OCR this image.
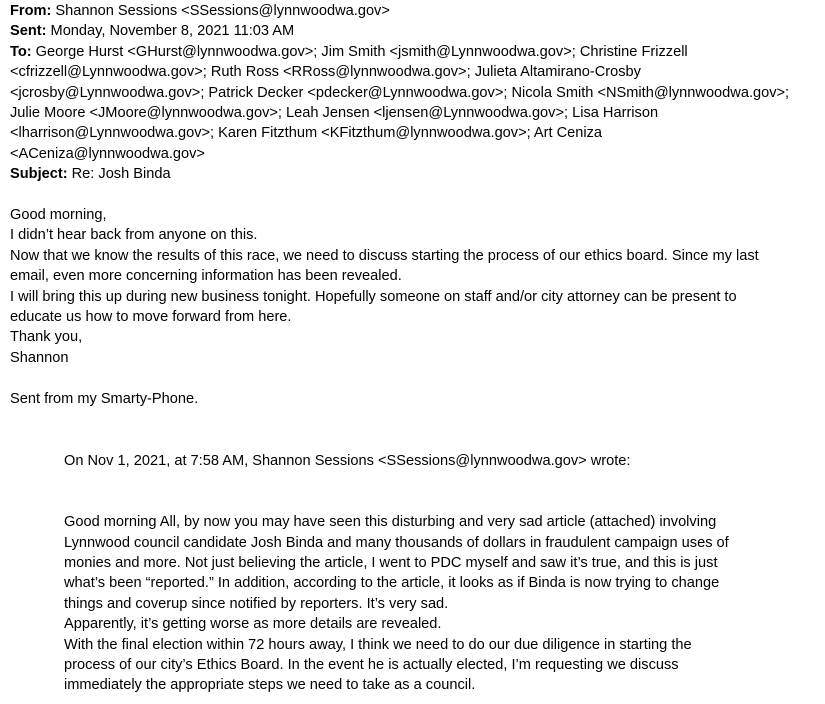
From: Shannon Sessions <SSessions@lynnwoodwa.gov>
Sent: Monday, November 8, 2021 11:03 AM
To: George Hurst <GHurst@lynnwoodwa.gov>; Jim Smith <jsmith@Lynnwoodwa.gov>; Christine Frizzell
<cfrizzell@Lynnwoodwa.gov>; Ruth Ross <RRoss@lynnwoodwa.gov>; Julieta Altamirano-Crosby
<jcrosby@Lynnwoodwa.gov>; Patrick Decker <pdecker@Lynnwoodwa.gov>; Nicola Smith <NSmith@lynnwoodwa.gov>;
Julie Moore <JMoore@lynnwoodwa.gov>; Leah Jensen <ljensen@Lynnwoodwa.gov>; Lisa Harrison
<lharrison@Lynnwoodwa.gov>; Karen Fitzthum <KFitzthum@lynnwoodwa.gov>; Art Ceniza
<ACeniza@lynnwoodwa.gov>
Subject: Re: Josh Binda
Good morning,
I didn’t hear back from anyone on this.
Now that we know the results of this race, we need to discuss starting the process of our ethics board. Since my last
email, even more concerning information has been revealed.
I will bring this up during new business tonight. Hopefully someone on staff and/or city attorney can be present to
educate us how to move forward from here.
Thank you,
Shannon
Sent from my Smarty-Phone.
On Nov 1, 2021, at 7:58 AM, Shannon Sessions <SSessions@lynnwoodwa.gov> wrote:
Good morning All, by now you may have seen this disturbing and very sad article (attached) involving
Lynnwood council candidate Josh Binda and many thousands of dollars in fraudulent campaign uses of
monies and more. Not just believing the article, I went to PDC myself and saw it’s true, and this is just
what’s been “reported.” In addition, according to the article, it looks as if Binda is now trying to change
things and coverup since notified by reporters. It’s very sad.
Apparently, it’s getting worse as more details are revealed.
With the final election within 72 hours away, I think we need to do our due diligence in starting the
process of our city’s Ethics Board. In the event he is actually elected, I’m requesting we discuss
immediately the appropriate steps we need to take as a council.
